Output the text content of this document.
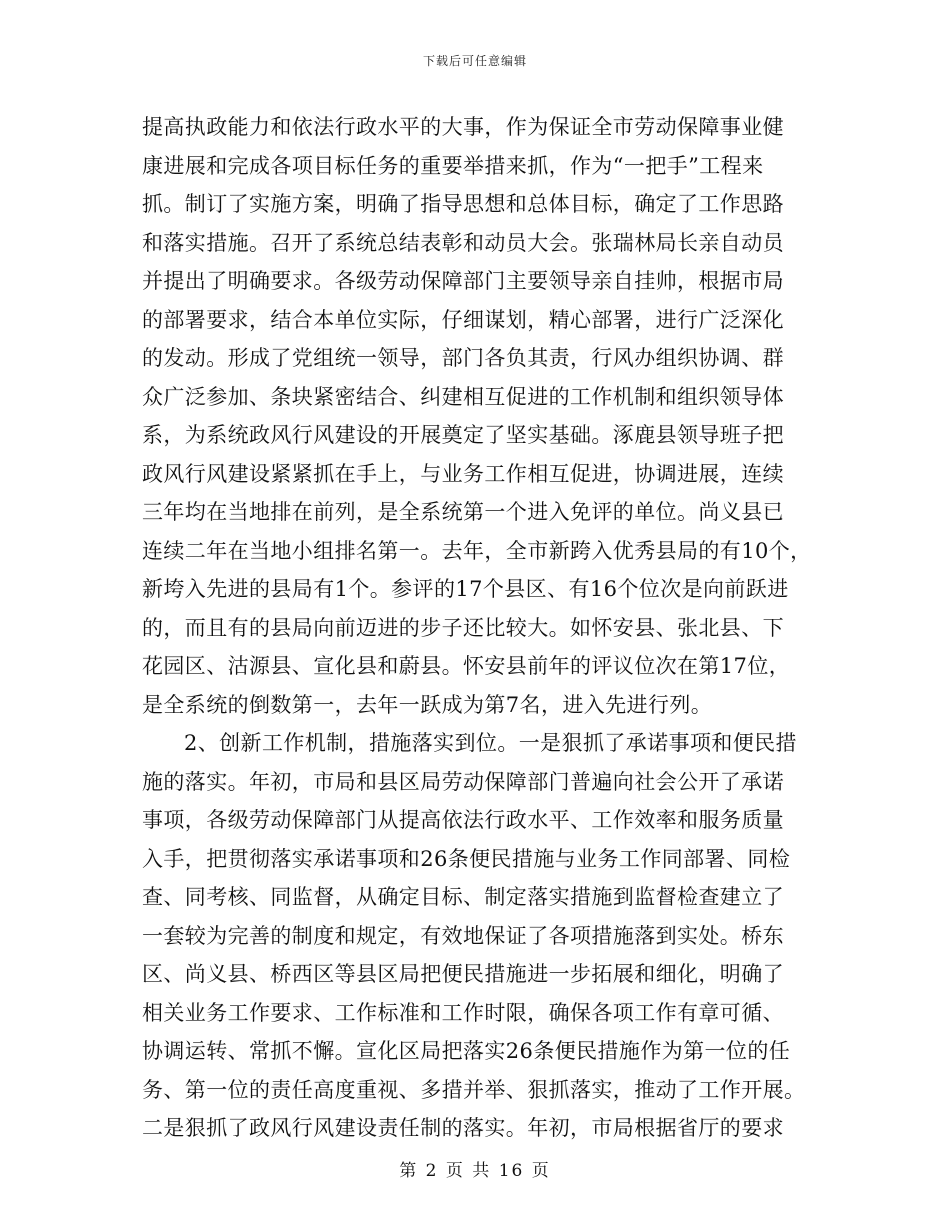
下载后可任意编辑
提高执政能力和依法行政水平的大事，作为保证全市劳动保障事业健
康进展和完成各项目标任务的重要举措来抓，作为“一把手”工程来
抓。制订了实施方案，明确了指导思想和总体目标，确定了工作思路
和落实措施。召开了系统总结表彰和动员大会。张瑞林局长亲自动员
并提出了明确要求。各级劳动保障部门主要领导亲自挂帅，根据市局
的部署要求，结合本单位实际，仔细谋划，精心部署，进行广泛深化
的发动。形成了党组统一领导，部门各负其责，行风办组织协调、群
众广泛参加、条块紧密结合、纠建相互促进的工作机制和组织领导体
系，为系统政风行风建设的开展奠定了坚实基础。涿鹿县领导班子把
政风行风建设紧紧抓在手上，与业务工作相互促进，协调进展，连续
三年均在当地排在前列，是全系统第一个进入免评的单位。尚义县已
连续二年在当地小组排名第一。去年，全市新跨入优秀县局的有10个，
新垮入先进的县局有1个。参评的17个县区、有16个位次是向前跃进
的，而且有的县局向前迈进的步子还比较大。如怀安县、张北县、下
花园区、沽源县、宣化县和蔚县。怀安县前年的评议位次在第17位，
是全系统的倒数第一，去年一跃成为第7名，进入先进行列。
2、创新工作机制，措施落实到位。一是狠抓了承诺事项和便民措
施的落实。年初，市局和县区局劳动保障部门普遍向社会公开了承诺
事项，各级劳动保障部门从提高依法行政水平、工作效率和服务质量
入手，把贯彻落实承诺事项和26条便民措施与业务工作同部署、同检
查、同考核、同监督，从确定目标、制定落实措施到监督检查建立了
一套较为完善的制度和规定，有效地保证了各项措施落到实处。桥东
区、尚义县、桥西区等县区局把便民措施进一步拓展和细化，明确了
相关业务工作要求、工作标准和工作时限，确保各项工作有章可循、
协调运转、常抓不懈。宣化区局把落实26条便民措施作为第一位的任
务、第一位的责任高度重视、多措并举、狠抓落实，推动了工作开展。
二是狠抓了政风行风建设责任制的落实。年初，市局根据省厅的要求
第 2 页 共 16 页
